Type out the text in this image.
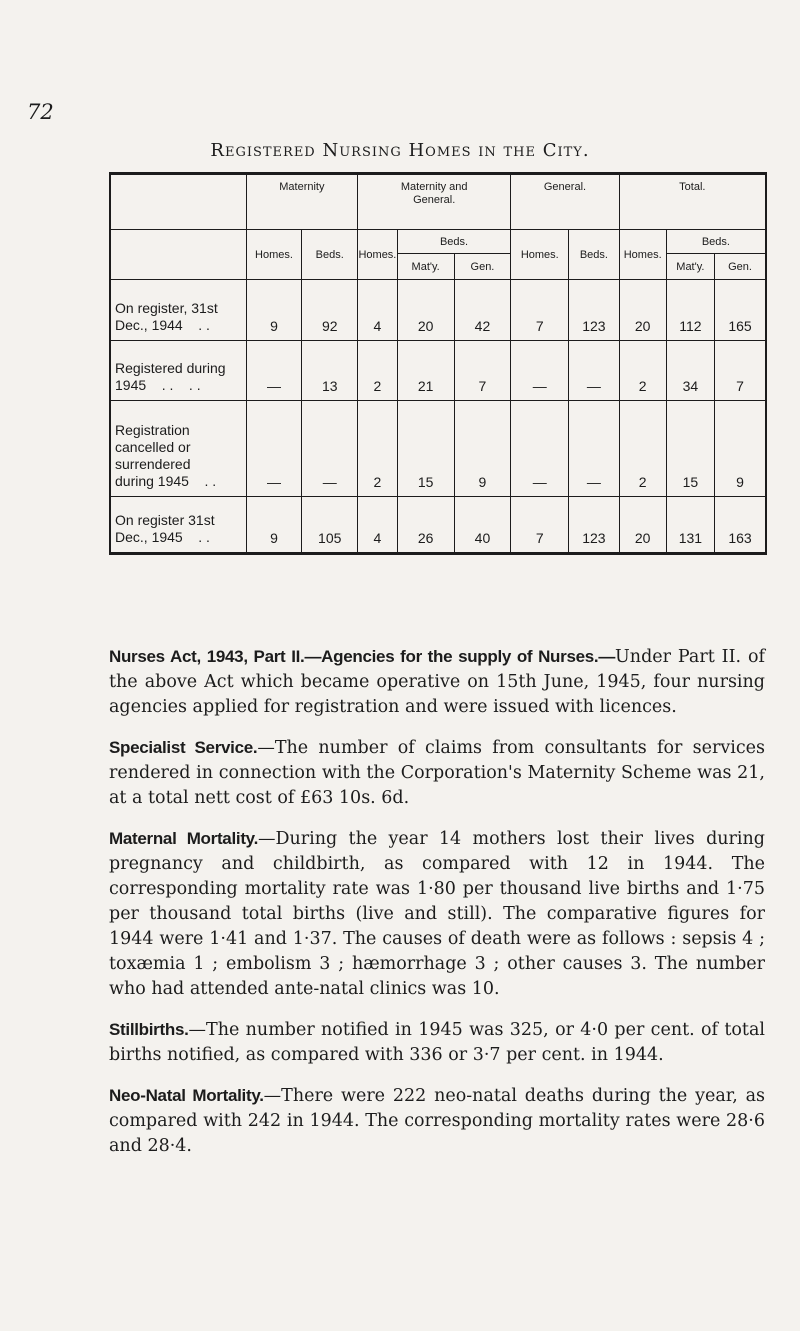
72
Registered Nursing Homes in the City.
	Maternity		Maternity and General.			General.		Total.		
	Homes.	Beds.	Homes.	Beds.		Homes.	Beds.	Homes.	Beds.	
				Mat'y.	Gen.				Mat'y.	Gen.

On register, 31st
Dec., 1944    . .	9	92	4	20	42	7	123	20	112	165

Registered during
1945    . .    . .	—	13	2	21	7	—	—	2	34	7

Registration
cancelled or
surrendered
during 1945    . .	—	—	2	15	9	—	—	2	15	9

On register 31st
Dec., 1945    . .	9	105	4	26	40	7	123	20	131	163

Nurses Act, 1943, Part II.—Agencies for the supply of Nurses.—Under Part II. of the above Act which became operative on 15th June, 1945, four nursing agencies applied for registration and were issued with licences.

Specialist Service.—The number of claims from consultants for services rendered in connection with the Corporation's Maternity Scheme was 21, at a total nett cost of £63 10s. 6d.

Maternal Mortality.—During the year 14 mothers lost their lives during pregnancy and childbirth, as compared with 12 in 1944. The corresponding mortality rate was 1·80 per thousand live births and 1·75 per thousand total births (live and still). The comparative figures for 1944 were 1·41 and 1·37. The causes of death were as follows : sepsis 4 ; toxæmia 1 ; embolism 3 ; hæmorrhage 3 ; other causes 3. The number who had attended ante-natal clinics was 10.

Stillbirths.—The number notified in 1945 was 325, or 4·0 per cent. of total births notified, as compared with 336 or 3·7 per cent. in 1944.

Neo-Natal Mortality.—There were 222 neo-natal deaths during the year, as compared with 242 in 1944. The corresponding mortality rates were 28·6 and 28·4.
